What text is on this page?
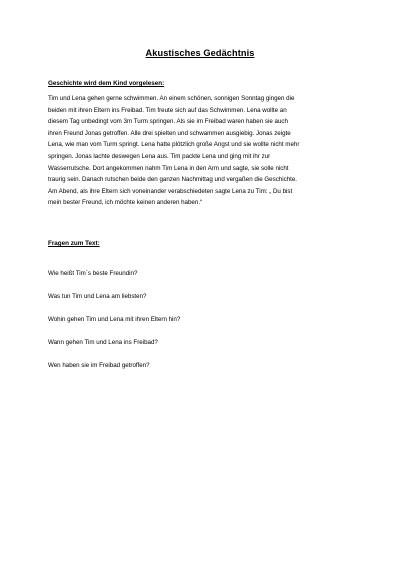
Akustisches Gedächtnis
Geschichte wird dem Kind vorgelesen:
Tim und Lena gehen gerne schwimmen. An einem schönen, sonnigen Sonntag gingen die
beiden mit ihren Eltern ins Freibad. Tim freute sich auf das Schwimmen. Lena wollte an
diesem Tag unbedingt vom 3m Turm springen. Als sie im Freibad waren haben sie auch
ihren Freund Jonas getroffen. Alle drei spielten und schwammen ausgiebig. Jonas zeigte
Lena, wie man vom Turm springt. Lena hatte plötzlich große Angst und sie wollte nicht mehr
springen. Jonas lachte deswegen Lena aus. Tim packte Lena und ging mit ihr zur
Wasserrutsche. Dort angekommen nahm Tim Lena in den Arm und sagte, sie solle nicht
traurig sein. Danach rutschen beide den ganzen Nachmittag und vergaßen die Geschichte.
Am Abend, als ihre Eltern sich voneinander verabschiedeten sagte Lena zu Tim: „ Du bist
mein bester Freund, ich möchte keinen anderen haben.“
Fragen zum Text:
Wie heißt Tim`s beste Freundin?
Was tun Tim und Lena am liebsten?
Wohin gehen Tim und Lena mit ihren Eltern hin?
Wann gehen Tim und Lena ins Freibad?
Wen haben sie im Freibad getroffen?
